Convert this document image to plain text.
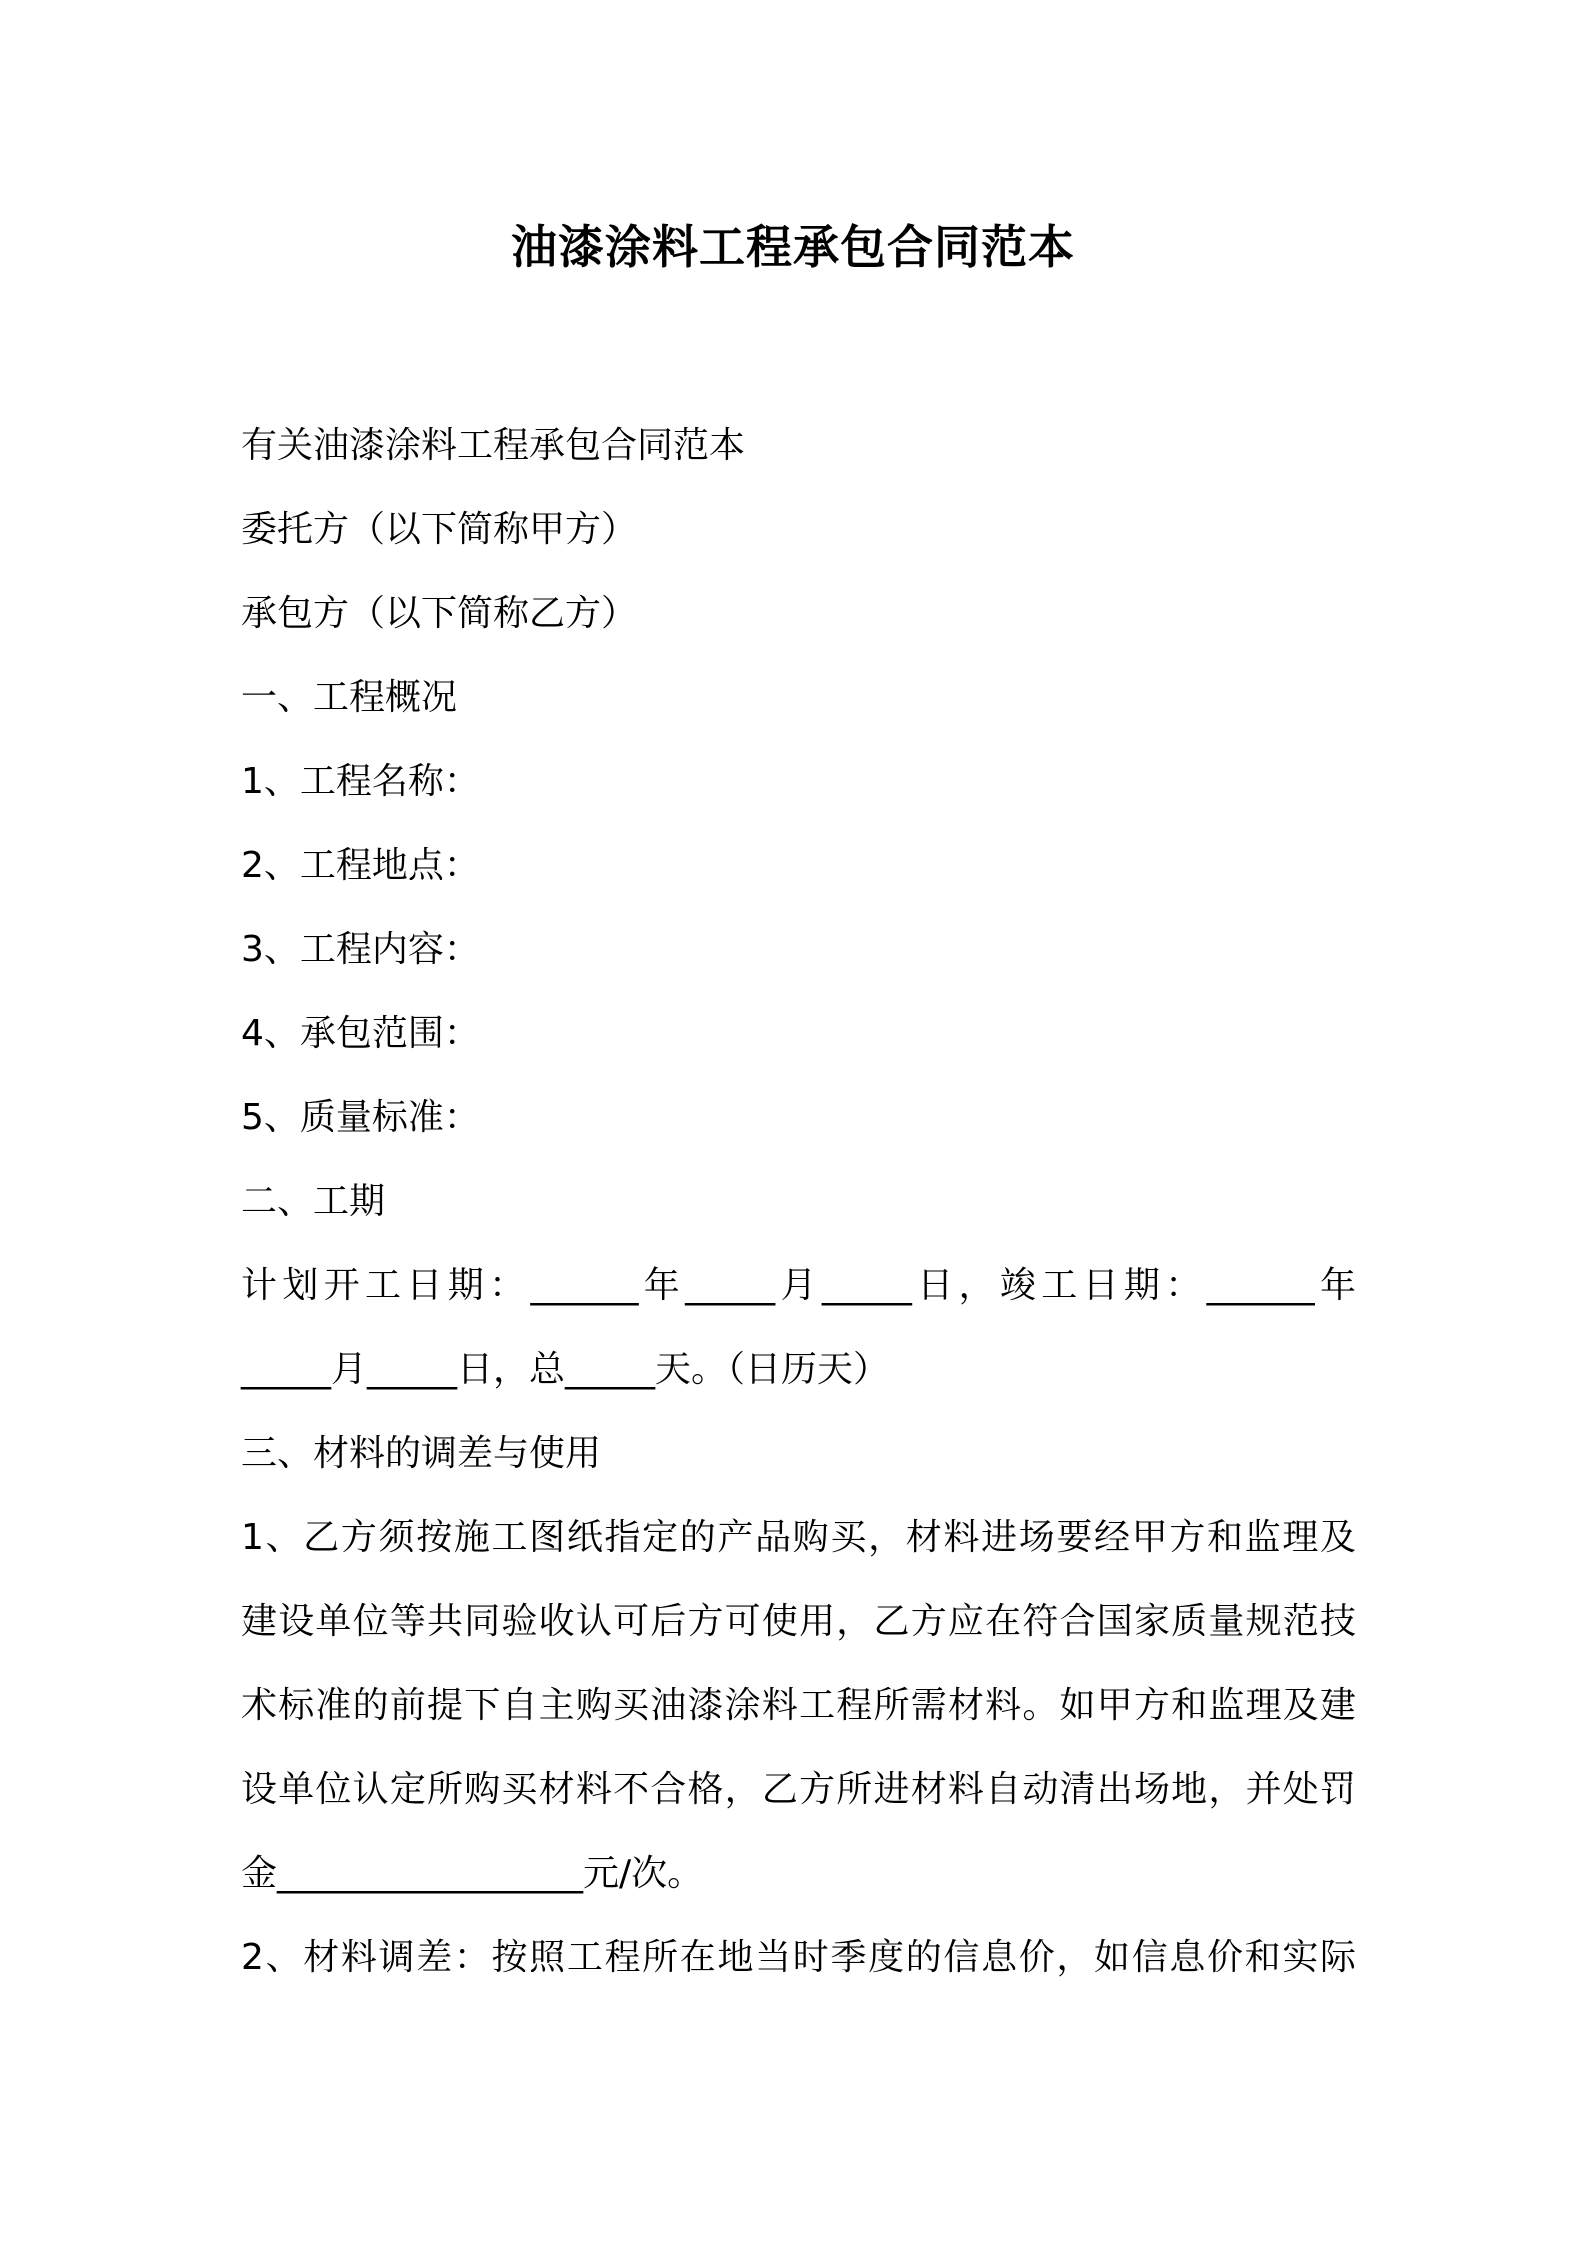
油漆涂料工程承包合同范本
有关油漆涂料工程承包合同范本
委托方（以下简称甲方）
承包方（以下简称乙方）
一、工程概况
1、工程名称：
2、工程地点：
3、工程内容：
4、承包范围：
5、质量标准：
二、工期
计划开工日期：______年_____月_____日，竣工日期：______年
_____月_____日，总_____天。（日历天）
三、材料的调差与使用
1、乙方须按施工图纸指定的产品购买，材料进场要经甲方和监理及
建设单位等共同验收认可后方可使用，乙方应在符合国家质量规范技
术标准的前提下自主购买油漆涂料工程所需材料。如甲方和监理及建
设单位认定所购买材料不合格，乙方所进材料自动清出场地，并处罚
金_________________元/次。
2、材料调差：按照工程所在地当时季度的信息价，如信息价和实际
